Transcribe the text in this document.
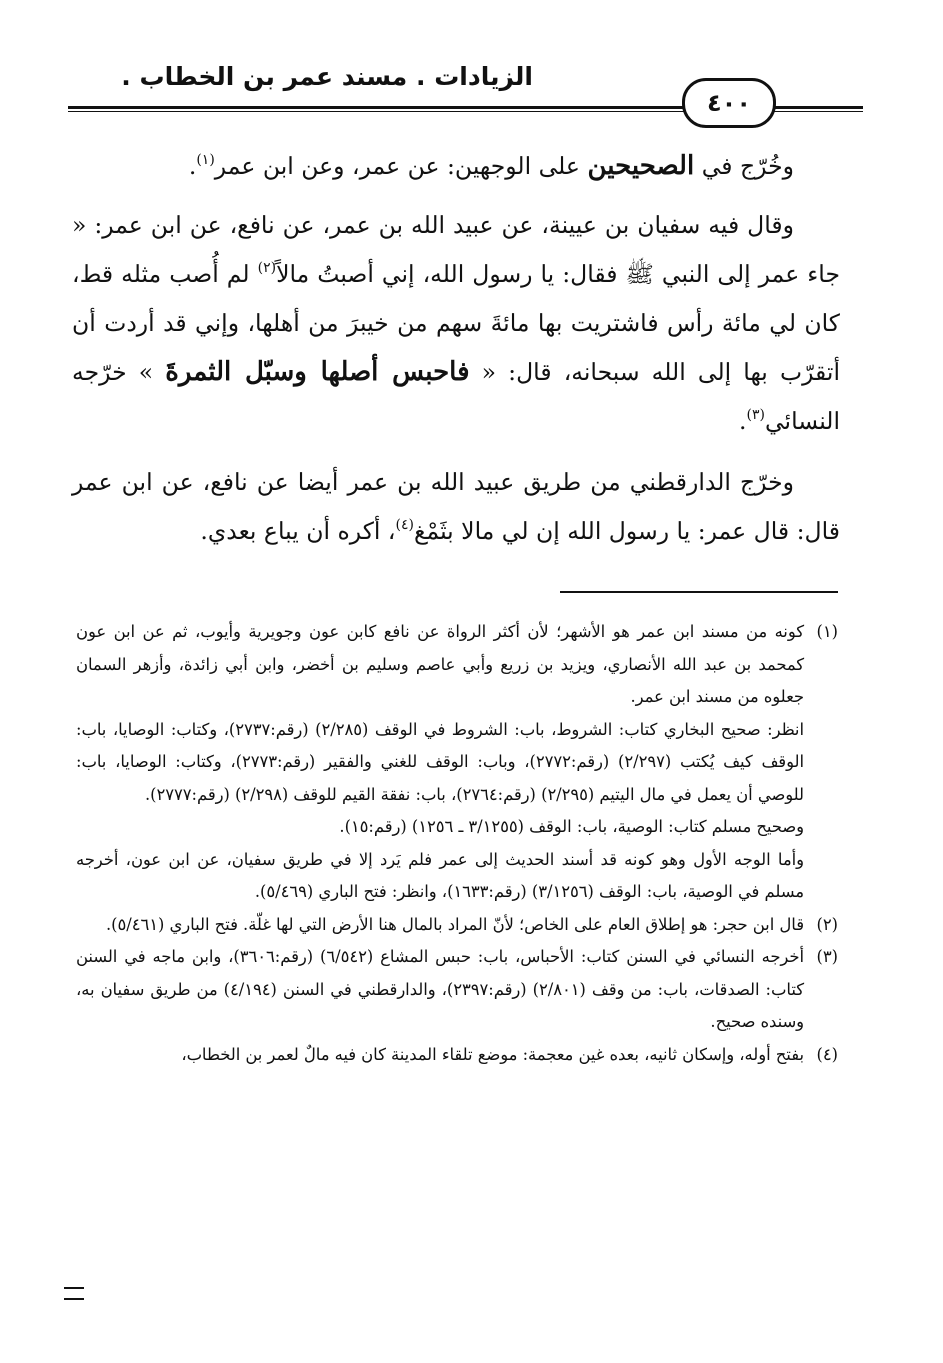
الزيادات . مسند عمر بن الخطاب .
٤٠٠

وخُرّج في الصحيحين على الوجهين: عن عمر، وعن ابن عمر$^{(١)}$.

وقال فيه سفيان بن عيينة، عن عبيد الله بن عمر، عن نافع، عن ابن عمر: « جاء عمر إلى النبي ﷺ فقال: يا رسول الله، إني أصبتُ مالاً$^{(٢)}$ لم أُصب مثله قط، كان لي مائة رأس فاشتريت بها مائةَ سهم من خيبرَ من أهلها، وإني قد أردت أن أتقرّب بها إلى الله سبحانه، قال: « فاحبس أصلها وسبّل الثمرةَ » خرّجه النسائي$^{(٣)}$.

وخرّج الدارقطني من طريق عبيد الله بن عمر أيضا عن نافع، عن ابن عمر قال: قال عمر: يا رسول الله إن لي مالا بثَمْغ$^{(٤)}$، أكره أن يباع بعدي.

(١)

كونه من مسند ابن عمر هو الأشهر؛ لأن أكثر الرواة عن نافع كابن عون وجويرية وأيوب، ثم عن ابن عون كمحمد بن عبد الله الأنصاري، ويزيد بن زريع وأبي عاصم وسليم بن أخضر، وابن أبي زائدة، وأزهر السمان جعلوه من مسند ابن عمر.

انظر: صحيح البخاري كتاب: الشروط، باب: الشروط في الوقف (٢/٢٨٥) (رقم:٢٧٣٧)، وكتاب: الوصايا، باب: الوقف كيف يُكتب (٢/٢٩٧) (رقم:٢٧٧٢)، وباب: الوقف للغني والفقير (رقم:٢٧٧٣)، وكتاب: الوصايا، باب: للوصي أن يعمل في مال اليتيم (٢/٢٩٥) (رقم:٢٧٦٤)، باب: نفقة القيم للوقف (٢/٢٩٨) (رقم:٢٧٧٧).

وصحيح مسلم كتاب: الوصية، باب: الوقف (٣/١٢٥٥ ـ ١٢٥٦) (رقم:١٥).

وأما الوجه الأول وهو كونه قد أسند الحديث إلى عمر فلم يَرد إلا في طريق سفيان، عن ابن عون، أخرجه مسلم في الوصية، باب: الوقف (٣/١٢٥٦) (رقم:١٦٣٣)، وانظر: فتح الباري (٥/٤٦٩).

(٢)

قال ابن حجر: هو إطلاق العام على الخاص؛ لأنّ المراد بالمال هنا الأرض التي لها غلّة. فتح الباري (٥/٤٦١).

(٣)

أخرجه النسائي في السنن كتاب: الأحباس، باب: حبس المشاع (٦/٥٤٢) (رقم:٣٦٠٦)، وابن ماجه في السنن كتاب: الصدقات، باب: من وقف (٢/٨٠١) (رقم:٢٣٩٧)، والدارقطني في السنن (٤/١٩٤) من طريق سفيان به، وسنده صحيح.

(٤)

بفتح أوله، وإسكان ثانيه، بعده غين معجمة: موضع تلقاء المدينة كان فيه مالٌ لعمر بن الخطاب،
